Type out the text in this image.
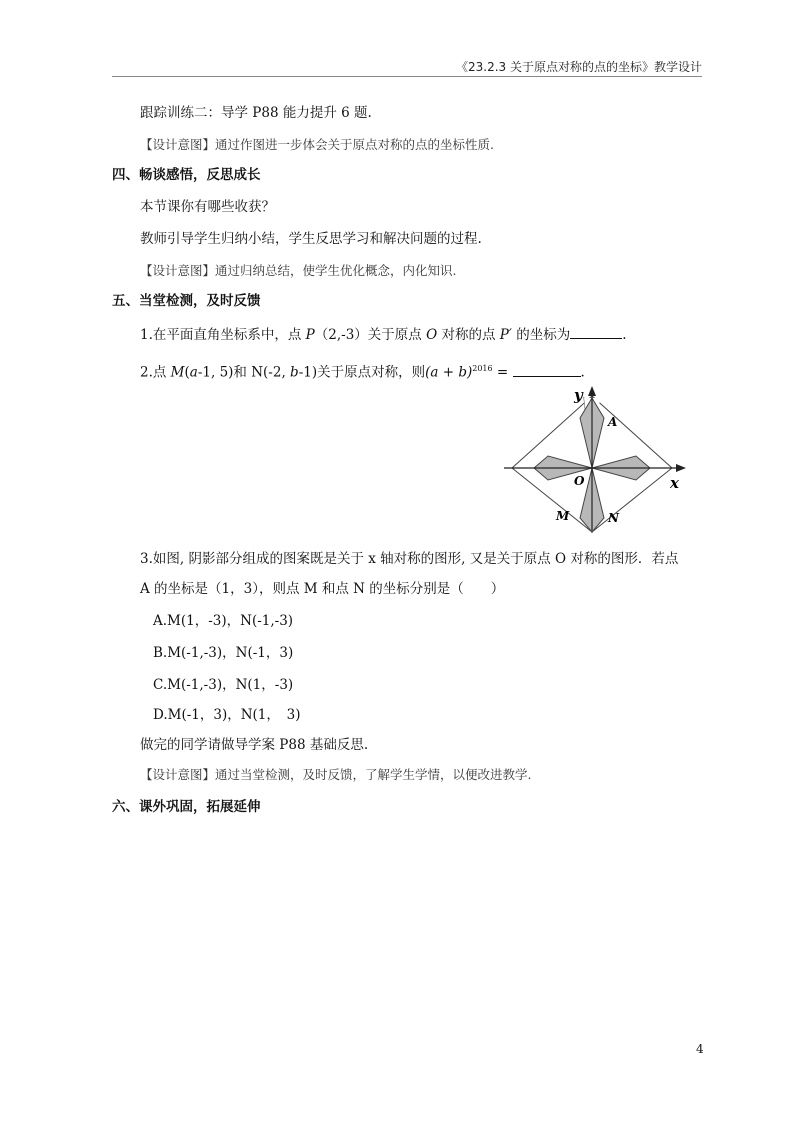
《23.2.3 关于原点对称的点的坐标》教学设计
跟踪训练二：导学 P88 能力提升 6 题.
【设计意图】通过作图进一步体会关于原点对称的点的坐标性质.
四、畅谈感悟，反思成长
本节课你有哪些收获？
教师引导学生归纳小结，学生反思学习和解决问题的过程.
【设计意图】通过归纳总结，使学生优化概念，内化知识.
五、当堂检测，及时反馈
1.在平面直角坐标系中，点 P（2,-3）关于原点 O 对称的点 P′ 的坐标为	.
2.点 M(a-1, 5)和 N(-2, b-1)关于原点对称，则$(a + b)^{2016}$ =	.
y
x
A
O
M	N
3.如图, 阴影部分组成的图案既是关于 x 轴对称的图形, 又是关于原点 O 对称的图形．若点
A 的坐标是（1，3），则点 M 和点 N 的坐标分别是（　　）
A.M(1，-3)，N(-1,-3)
B.M(-1,-3)，N(-1，3)
C.M(-1,-3)，N(1，-3)
D.M(-1，3)，N(1，　3)
做完的同学请做导学案 P88 基础反思.
【设计意图】通过当堂检测，及时反馈，了解学生学情，以便改进教学.
六、课外巩固，拓展延伸
4
